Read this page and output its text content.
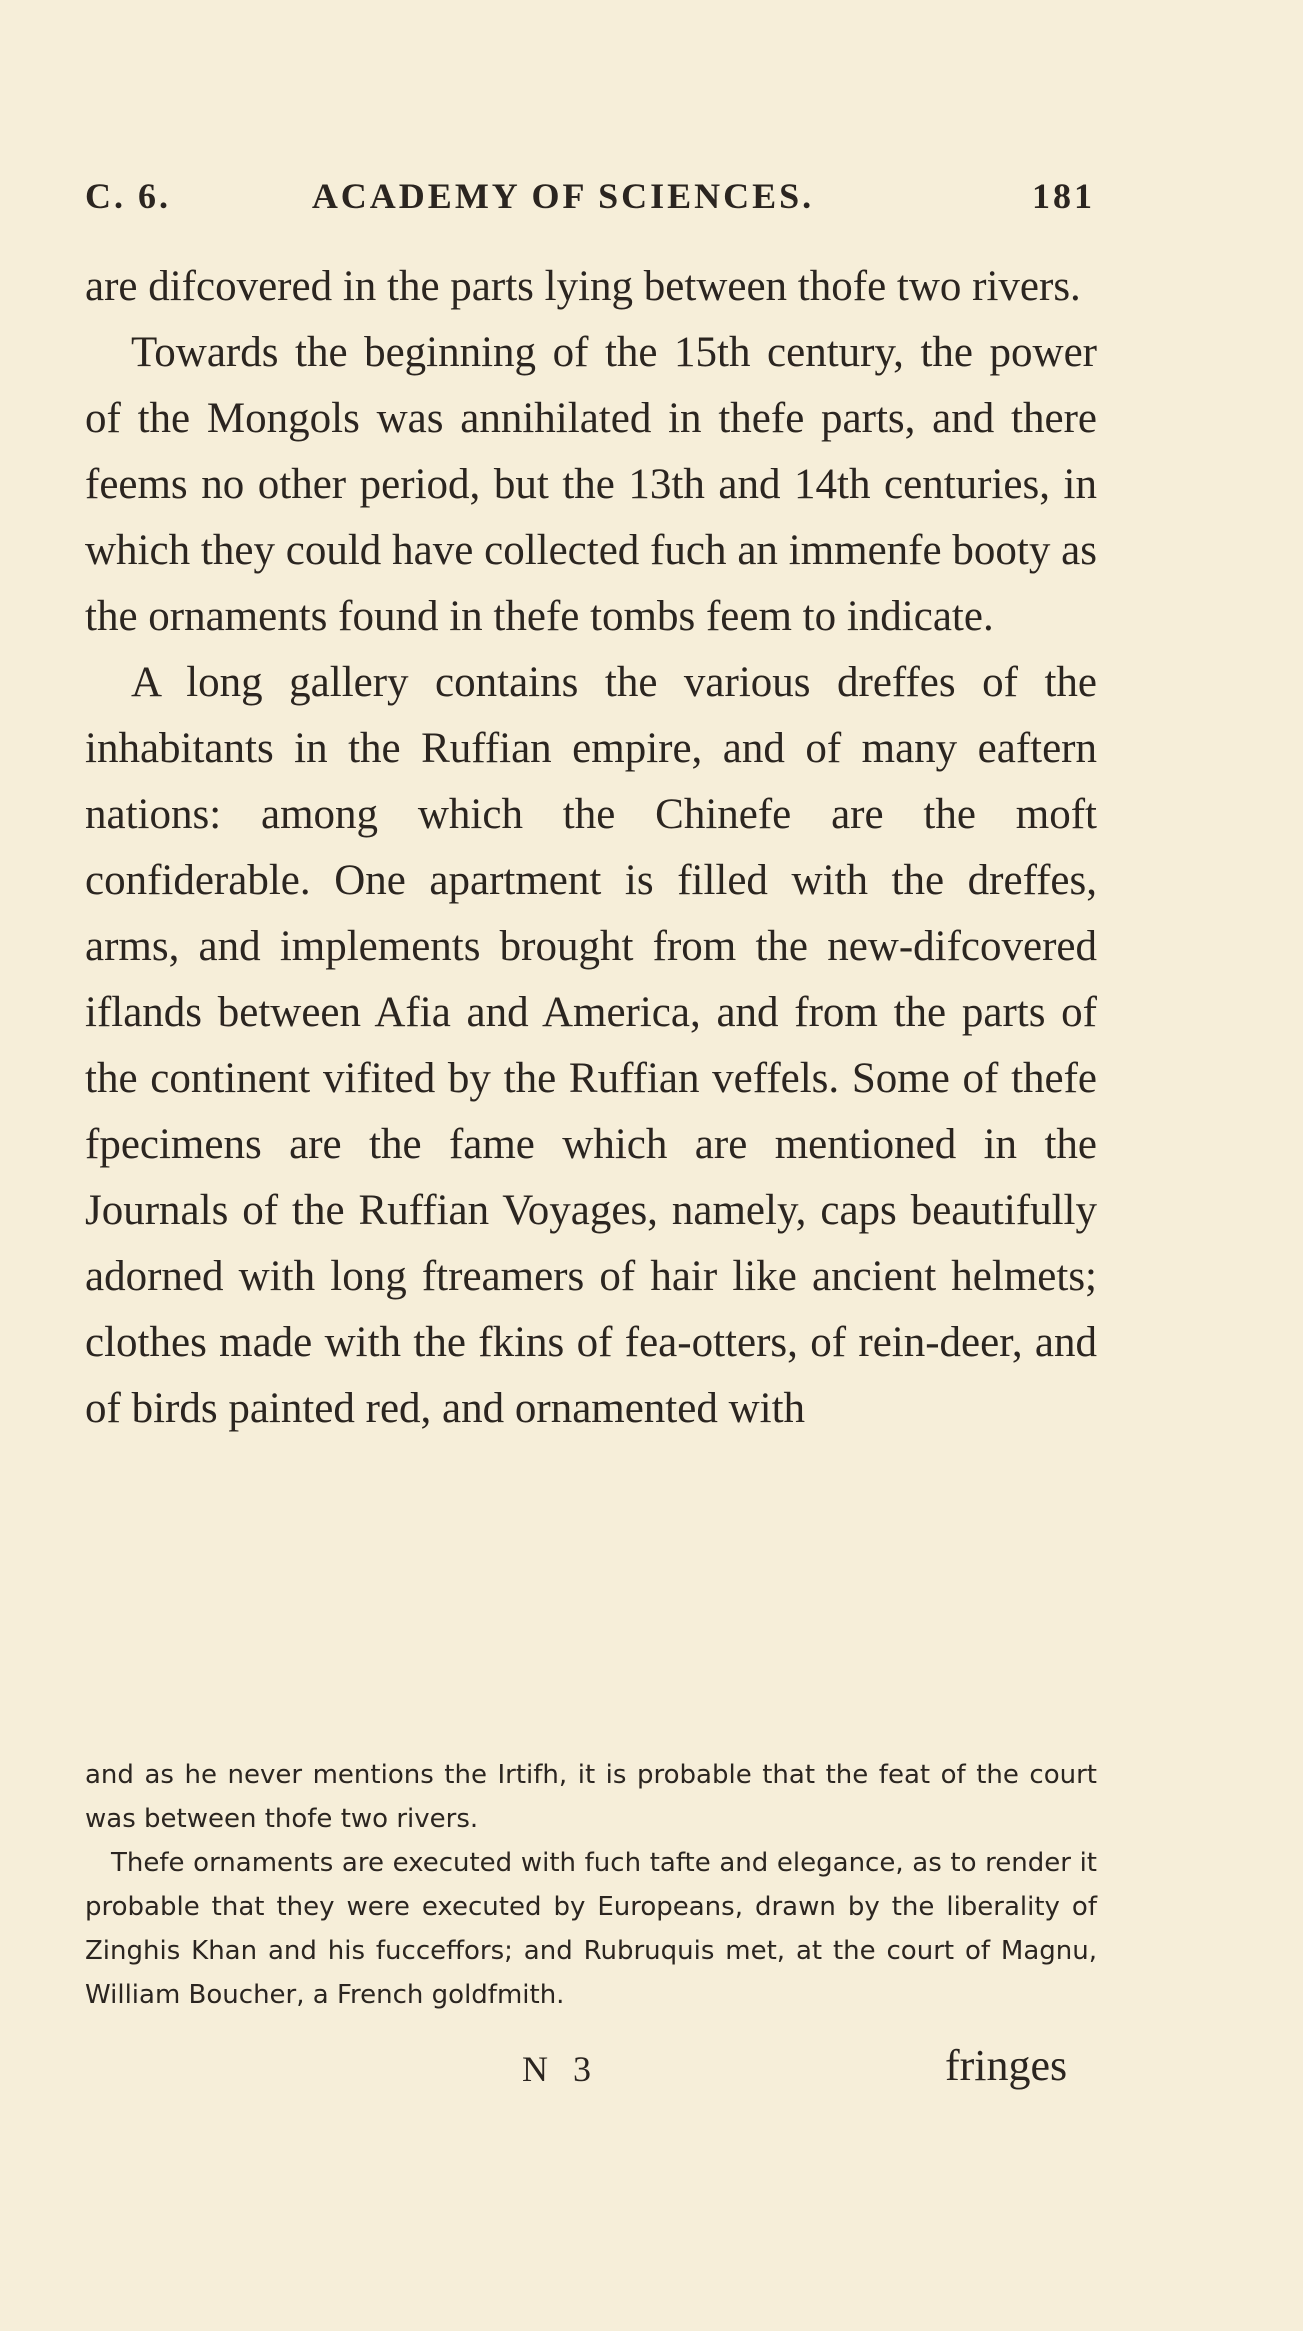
C. 6.	ACADEMY OF SCIENCES.	181

are difcovered in the parts lying between thofe two rivers.

Towards the beginning of the 15th century, the power of the Mongols was annihilated in thefe parts, and there feems no other period, but the 13th and 14th centuries, in which they could have collected fuch an immenfe booty as the ornaments found in thefe tombs feem to indicate.

A long gallery contains the various dreffes of the inhabitants in the Ruffian empire, and of many eaftern nations: among which the Chinefe are the moft confiderable. One apartment is filled with the dreffes, arms, and implements brought from the new-difcovered iflands between Afia and America, and from the parts of the continent vifited by the Ruffian veffels. Some of thefe fpecimens are the fame which are mentioned in the Journals of the Ruffian Voyages, namely, caps beautifully adorned with long ftreamers of hair like ancient helmets; clothes made with the fkins of fea-otters, of rein-deer, and of birds painted red, and ornamented with

and as he never mentions the Irtifh, it is probable that the feat of the court was between thofe two rivers.

Thefe ornaments are executed with fuch tafte and elegance, as to render it probable that they were executed by Europeans, drawn by the liberality of Zinghis Khan and his fucceffors; and Rubruquis met, at the court of Magnu, William Boucher, a French goldfmith.

N 3	fringes
